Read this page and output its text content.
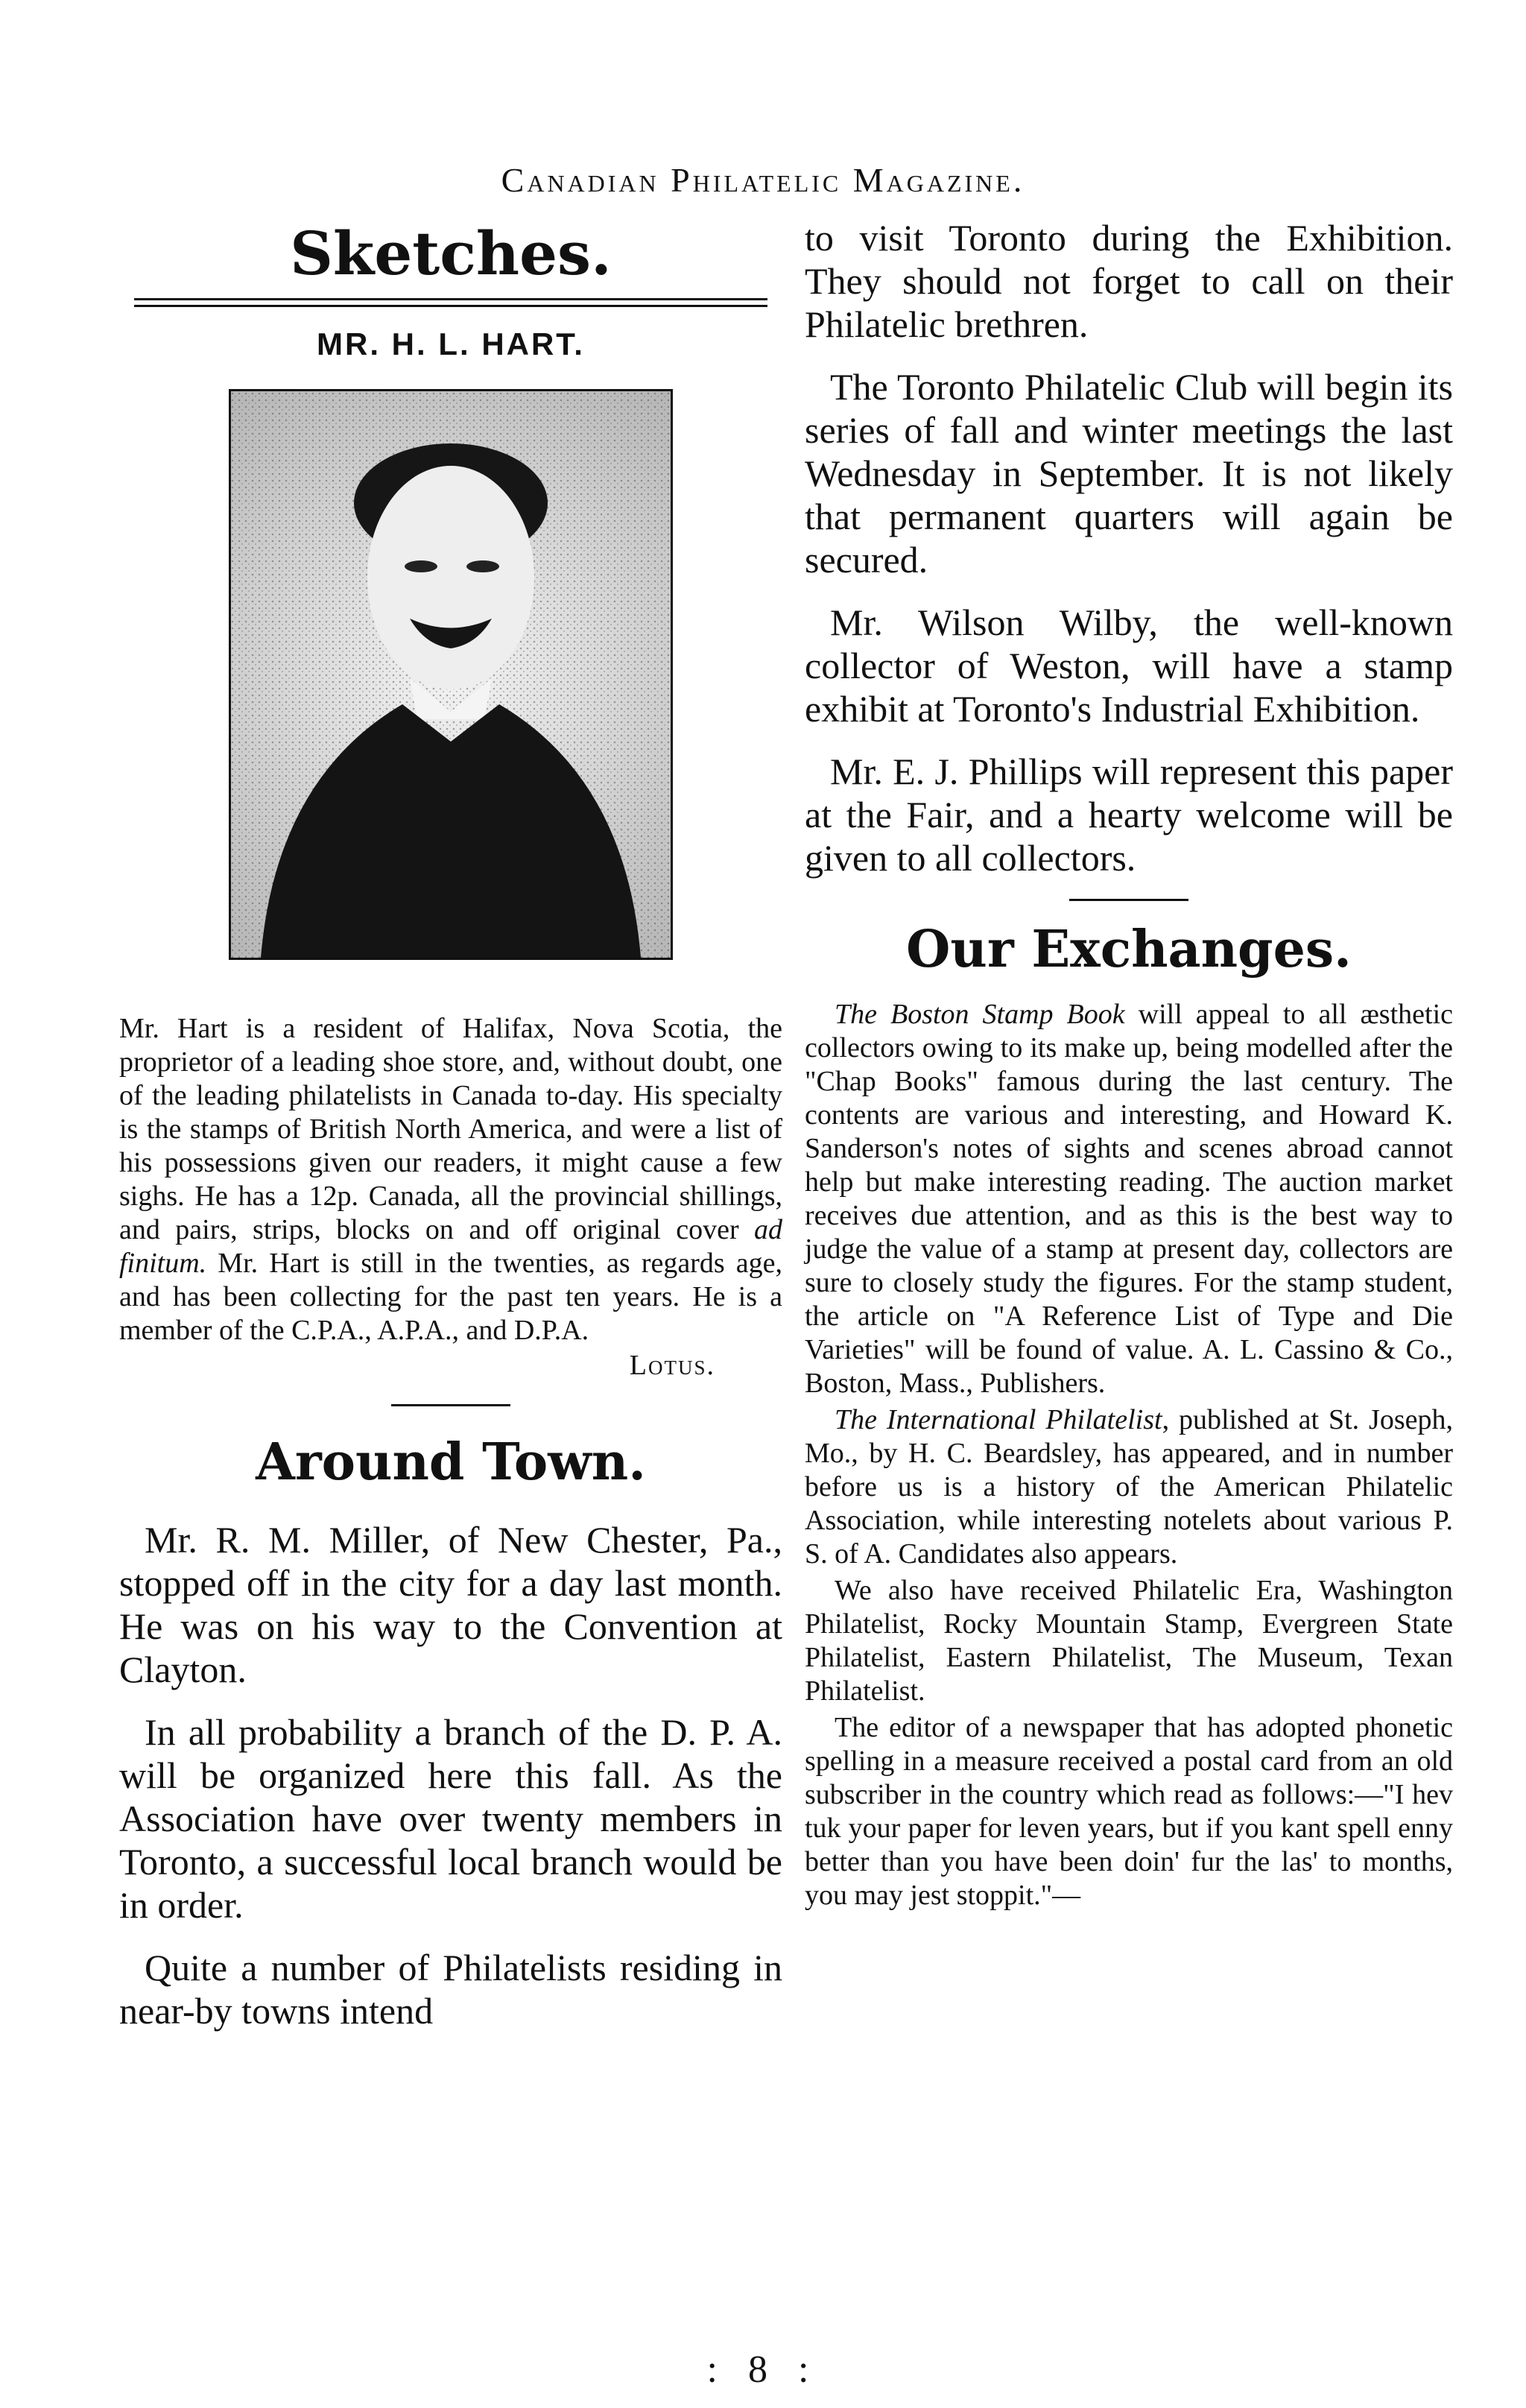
Canadian Philatelic Magazine.
Sketches.
MR. H. L. HART.

Mr. Hart is a resident of Halifax, Nova Scotia, the proprietor of a leading shoe store, and, without doubt, one of the leading philatelists in Canada to-day. His specialty is the stamps of British North America, and were a list of his possessions given our readers, it might cause a few sighs. He has a 12p. Canada, all the provincial shillings, and pairs, strips, blocks on and off original cover ad finitum. Mr. Hart is still in the twenties, as regards age, and has been collecting for the past ten years. He is a member of the C.P.A., A.P.A., and D.P.A.

Lotus.
Around Town.

Mr. R. M. Miller, of New Chester, Pa., stopped off in the city for a day last month. He was on his way to the Convention at Clayton.

In all probability a branch of the D. P. A. will be organized here this fall. As the Association have over twenty members in Toronto, a successful local branch would be in order.

Quite a number of Philatelists residing in near-by towns intend

to visit Toronto during the Exhibition. They should not forget to call on their Philatelic brethren.

The Toronto Philatelic Club will begin its series of fall and winter meetings the last Wednesday in September. It is not likely that permanent quarters will again be secured.

Mr. Wilson Wilby, the well-known collector of Weston, will have a stamp exhibit at Toronto's Industrial Exhibition.

Mr. E. J. Phillips will represent this paper at the Fair, and a hearty welcome will be given to all collectors.

Our Exchanges.

The Boston Stamp Book will appeal to all æsthetic collectors owing to its make up, being modelled after the "Chap Books" famous during the last century. The contents are various and interesting, and Howard K. Sanderson's notes of sights and scenes abroad cannot help but make interesting reading. The auction market receives due attention, and as this is the best way to judge the value of a stamp at present day, collectors are sure to closely study the figures. For the stamp student, the article on "A Reference List of Type and Die Varieties" will be found of value. A. L. Cassino & Co., Boston, Mass., Publishers.

The International Philatelist, published at St. Joseph, Mo., by H. C. Beardsley, has appeared, and in number before us is a history of the American Philatelic Association, while interesting notelets about various P. S. of A. Candidates also appears.

We also have received Philatelic Era, Washington Philatelist, Rocky Mountain Stamp, Evergreen State Philatelist, Eastern Philatelist, The Museum, Texan Philatelist.

The editor of a newspaper that has adopted phonetic spelling in a measure received a postal card from an old subscriber in the country which read as follows:—"I hev tuk your paper for leven years, but if you kant spell enny better than you have been doin' fur the las' to months, you may jest stoppit."—

: 8 :
